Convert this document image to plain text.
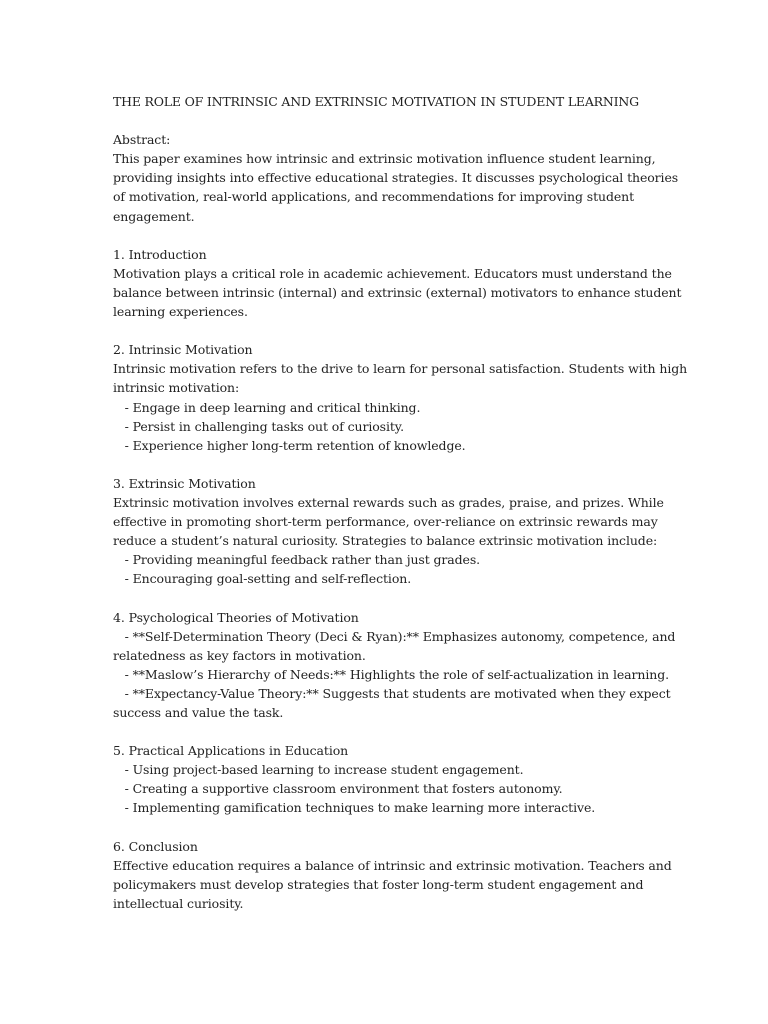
THE ROLE OF INTRINSIC AND EXTRINSIC MOTIVATION IN STUDENT LEARNING
Abstract:
This paper examines how intrinsic and extrinsic motivation influence student learning,
providing insights into effective educational strategies. It discusses psychological theories
of motivation, real-world applications, and recommendations for improving student
engagement.
1. Introduction
Motivation plays a critical role in academic achievement. Educators must understand the
balance between intrinsic (internal) and extrinsic (external) motivators to enhance student
learning experiences.
2. Intrinsic Motivation
Intrinsic motivation refers to the drive to learn for personal satisfaction. Students with high
intrinsic motivation:
- Engage in deep learning and critical thinking.
- Persist in challenging tasks out of curiosity.
- Experience higher long-term retention of knowledge.
3. Extrinsic Motivation
Extrinsic motivation involves external rewards such as grades, praise, and prizes. While
effective in promoting short-term performance, over-reliance on extrinsic rewards may
reduce a student’s natural curiosity. Strategies to balance extrinsic motivation include:
- Providing meaningful feedback rather than just grades.
- Encouraging goal-setting and self-reflection.
4. Psychological Theories of Motivation
- **Self-Determination Theory (Deci & Ryan):** Emphasizes autonomy, competence, and
relatedness as key factors in motivation.
- **Maslow’s Hierarchy of Needs:** Highlights the role of self-actualization in learning.
- **Expectancy-Value Theory:** Suggests that students are motivated when they expect
success and value the task.
5. Practical Applications in Education
- Using project-based learning to increase student engagement.
- Creating a supportive classroom environment that fosters autonomy.
- Implementing gamification techniques to make learning more interactive.
6. Conclusion
Effective education requires a balance of intrinsic and extrinsic motivation. Teachers and
policymakers must develop strategies that foster long-term student engagement and
intellectual curiosity.
